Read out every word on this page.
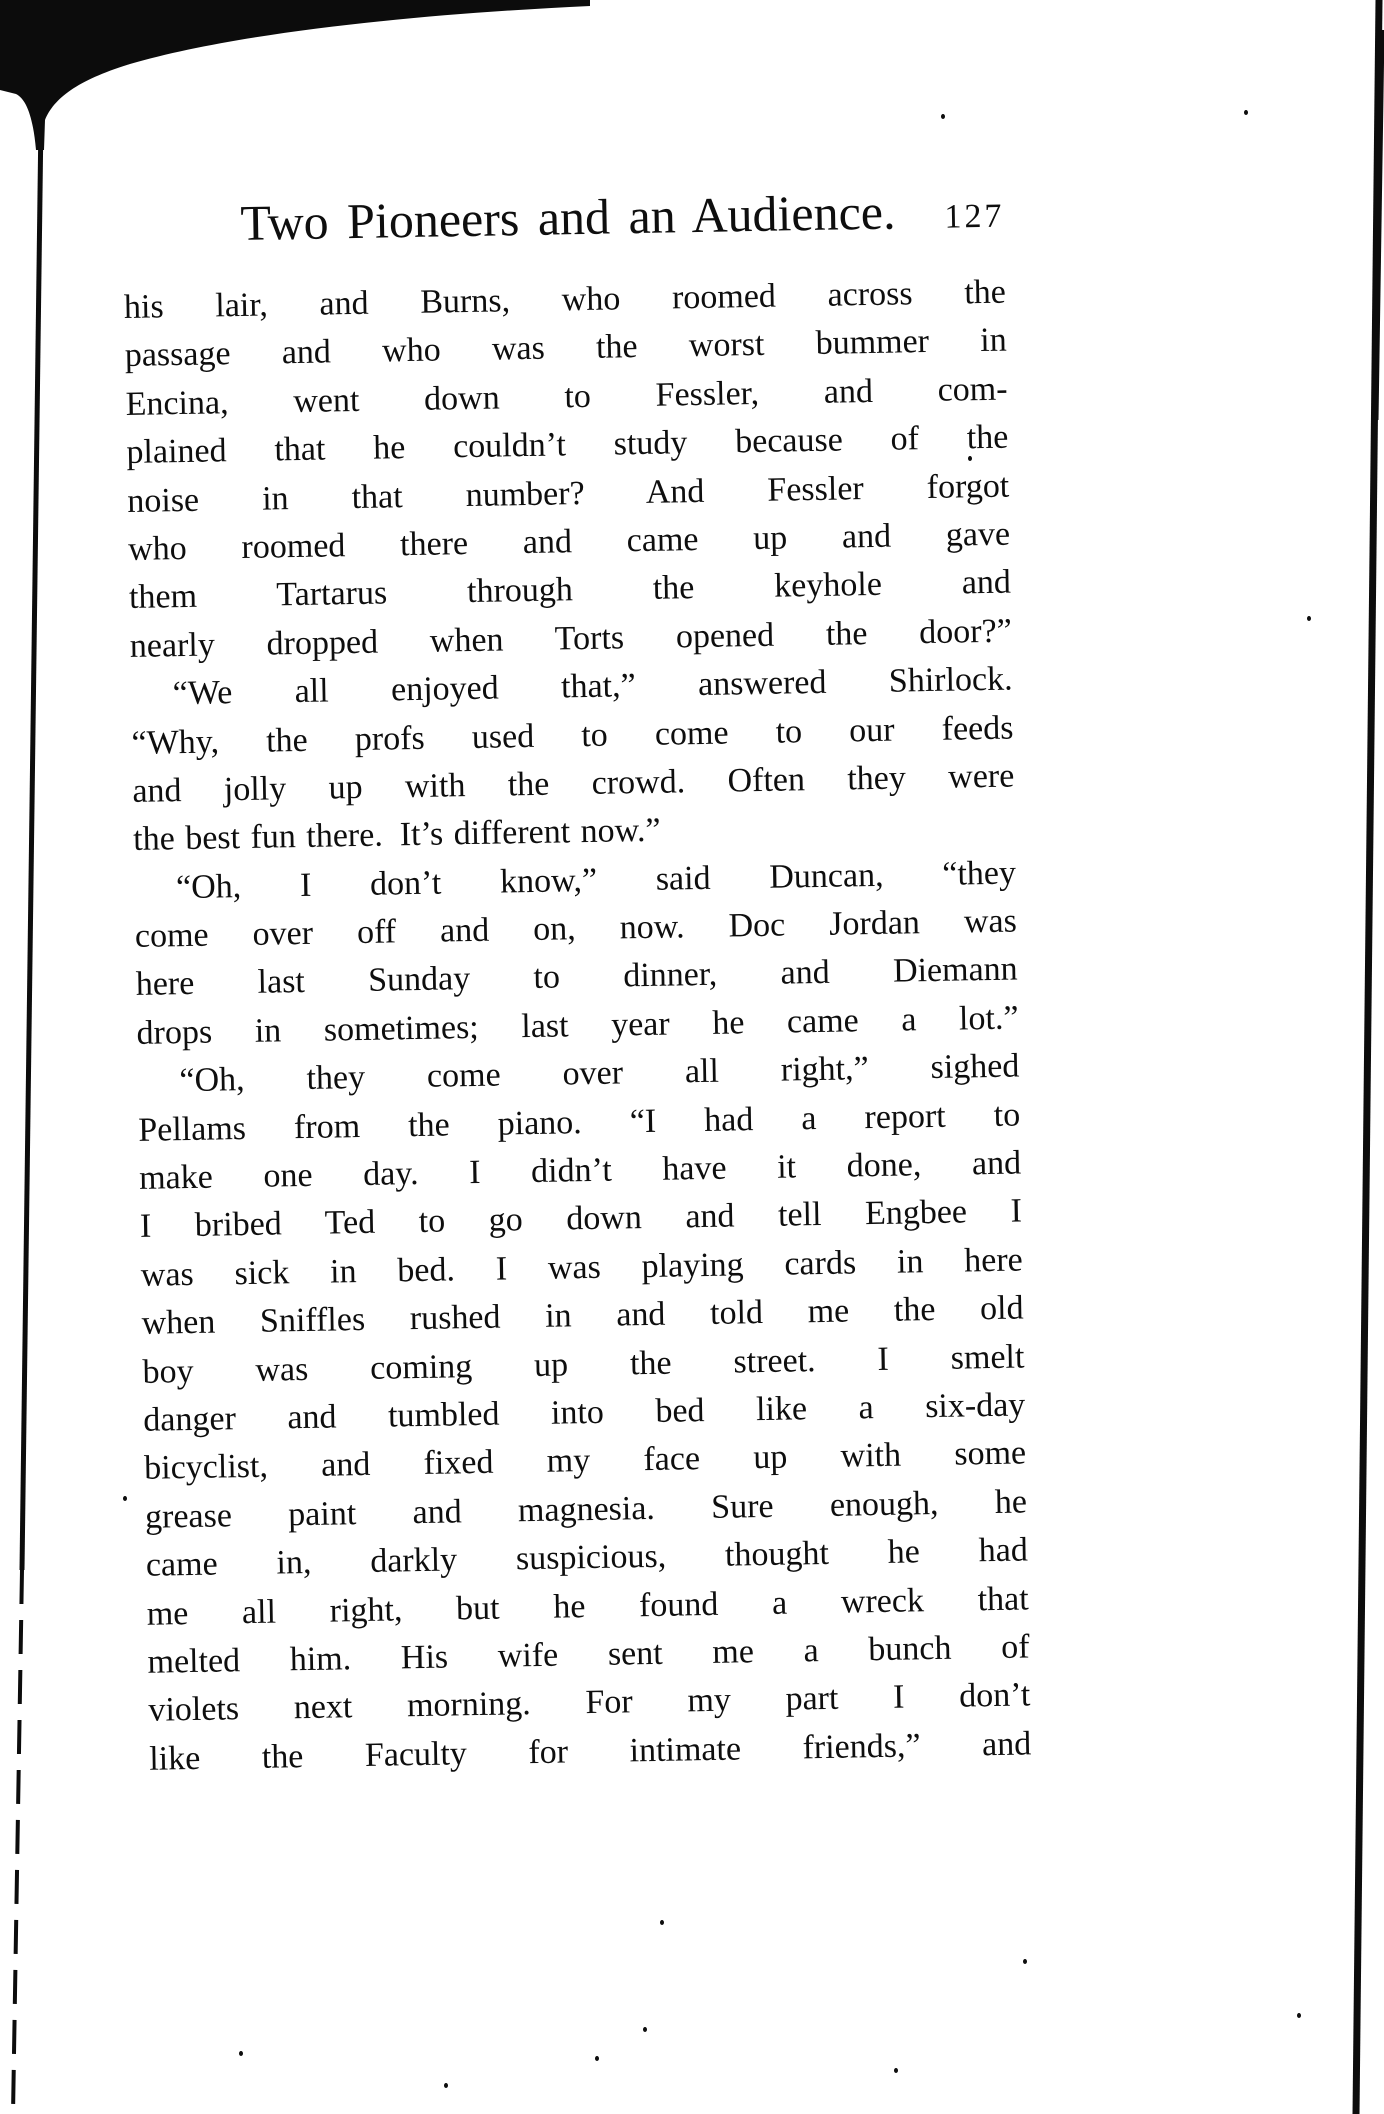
Two Pioneers and an Audience. 127
his lair, and Burns, who roomed across the
passage and who was the worst bummer in
Encina, went down to Fessler, and com-
plained that he couldn’t study because of the
noise in that number? And Fessler forgot
who roomed there and came up and gave
them Tartarus through the keyhole and
nearly dropped when Torts opened the door?”
“We all enjoyed that,” answered Shirlock.
“Why, the profs used to come to our feeds
and jolly up with the crowd. Often they were
the best fun there. It’s different now.”
“Oh, I don’t know,” said Duncan, “they
come over off and on, now. Doc Jordan was
here last Sunday to dinner, and Diemann
drops in sometimes; last year he came a lot.”
“Oh, they come over all right,” sighed
Pellams from the piano. “I had a report to
make one day. I didn’t have it done, and
I bribed Ted to go down and tell Engbee I
was sick in bed. I was playing cards in here
when Sniffles rushed in and told me the old
boy was coming up the street. I smelt
danger and tumbled into bed like a six-day
bicyclist, and fixed my face up with some
grease paint and magnesia. Sure enough, he
came in, darkly suspicious, thought he had
me all right, but he found a wreck that
melted him. His wife sent me a bunch of
violets next morning. For my part I don’t
like the Faculty for intimate friends,” and
